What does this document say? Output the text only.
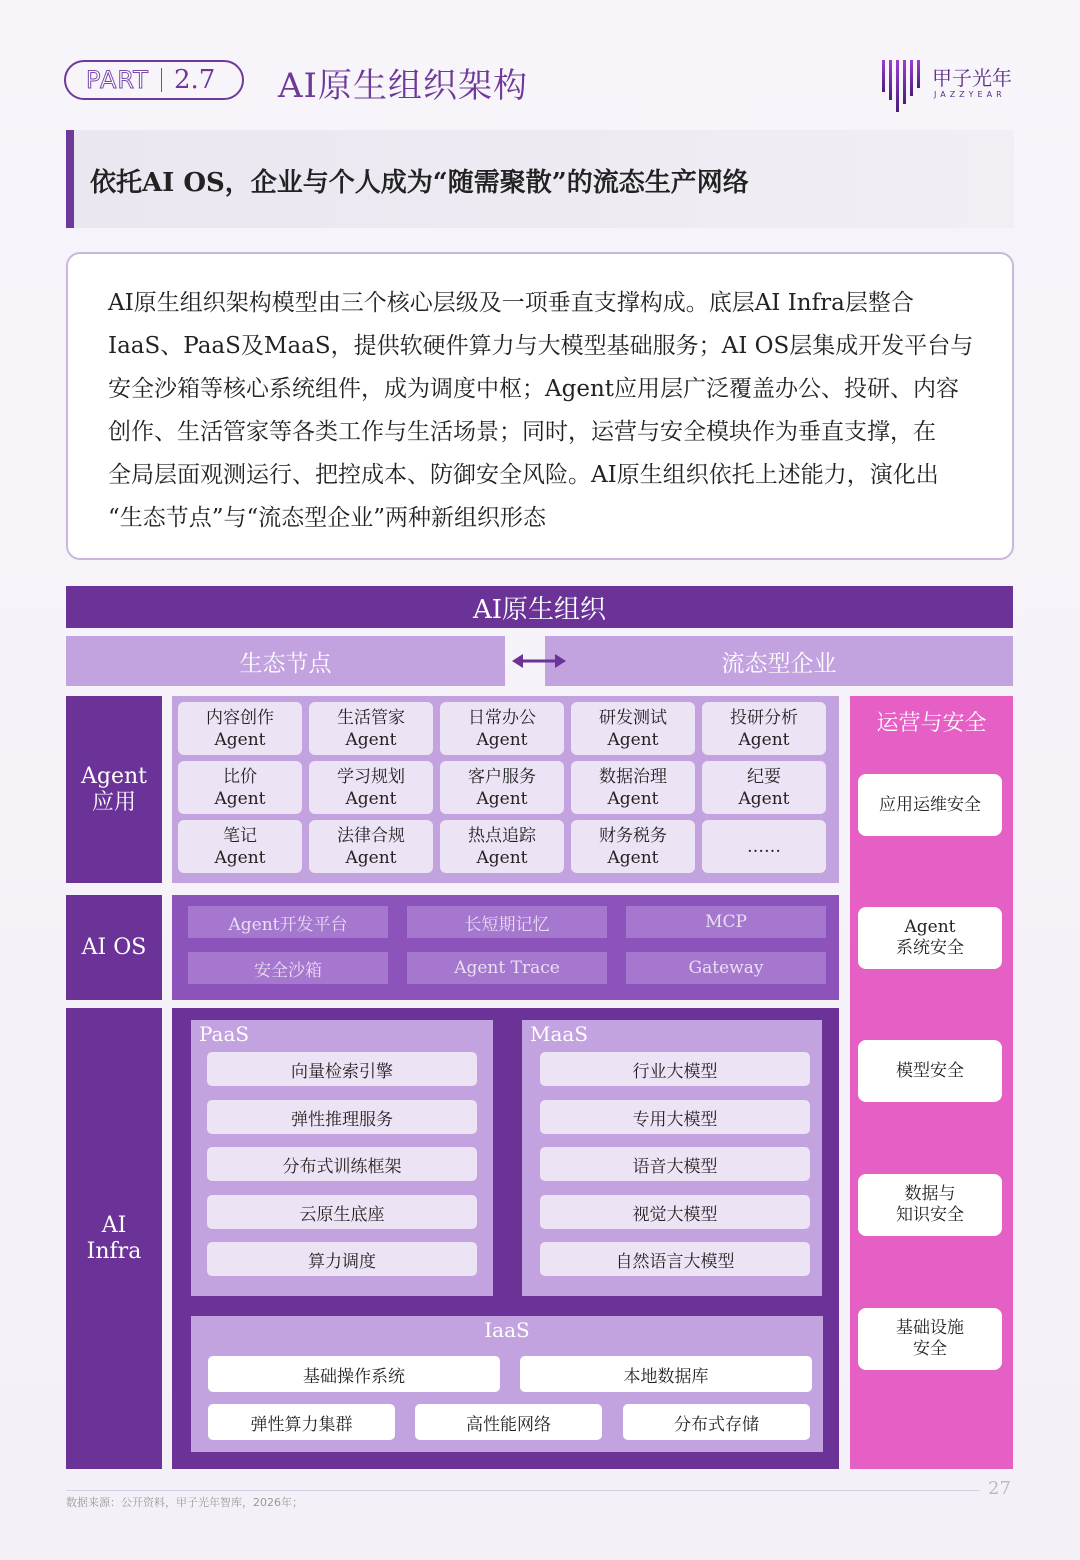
PART 2.7 AI原生组织架构	甲子光年
JAZZYEAR
依托AI OS，企业与个人成为“随需聚散”的流态生产网络
AI原生组织架构模型由三个核心层级及一项垂直支撑构成。底层AI Infra层整合
IaaS、PaaS及MaaS，提供软硬件算力与大模型基础服务；AI OS层集成开发平台与
安全沙箱等核心系统组件，成为调度中枢；Agent应用层广泛覆盖办公、投研、内容
创作、生活管家等各类工作与生活场景；同时，运营与安全模块作为垂直支撑，在
全局层面观测运行、把控成本、防御安全风险。AI原生组织依托上述能力，演化出
“生态节点”与“流态型企业”两种新组织形态
AI原生组织
生态节点	流态型企业
Agent
应用
内容创作
Agent
生活管家
Agent
日常办公
Agent
研发测试
Agent
投研分析
Agent
比价
Agent
学习规划
Agent
客户服务
Agent
数据治理
Agent
纪要
Agent
笔记
Agent
法律合规
Agent
热点追踪
Agent
财务税务
Agent
……
AI OS
Agent开发平台	长短期记忆	MCP
安全沙箱	Agent Trace	Gateway
AI
Infra
PaaS
向量检索引擎
弹性推理服务
分布式训练框架
云原生底座
算力调度
MaaS
行业大模型
专用大模型
语音大模型
视觉大模型
自然语言大模型
IaaS
基础操作系统	本地数据库
弹性算力集群	高性能网络	分布式存储
运营与安全
应用运维安全
Agent
系统安全
模型安全
数据与
知识安全
基础设施
安全
数据来源：公开资料，甲子光年智库，2026年；
27
